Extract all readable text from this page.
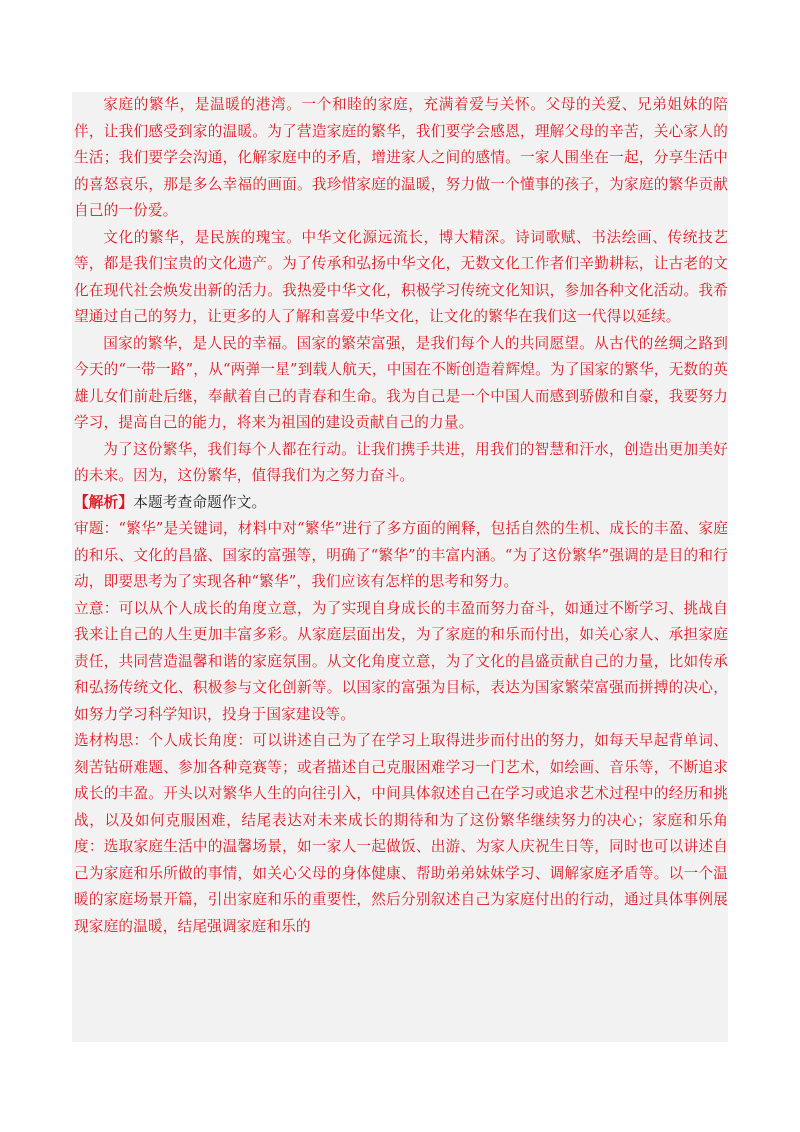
家庭的繁华，是温暖的港湾。一个和睦的家庭，充满着爱与关怀。父母的关爱、兄弟姐妹的陪伴，让我们感受到家的温暖。为了营造家庭的繁华，我们要学会感恩，理解父母的辛苦，关心家人的生活；我们要学会沟通，化解家庭中的矛盾，增进家人之间的感情。一家人围坐在一起，分享生活中的喜怒哀乐，那是多么幸福的画面。我珍惜家庭的温暖，努力做一个懂事的孩子，为家庭的繁华贡献自己的一份爱。

文化的繁华，是民族的瑰宝。中华文化源远流长，博大精深。诗词歌赋、书法绘画、传统技艺等，都是我们宝贵的文化遗产。为了传承和弘扬中华文化，无数文化工作者们辛勤耕耘，让古老的文化在现代社会焕发出新的活力。我热爱中华文化，积极学习传统文化知识，参加各种文化活动。我希望通过自己的努力，让更多的人了解和喜爱中华文化，让文化的繁华在我们这一代得以延续。

国家的繁华，是人民的幸福。国家的繁荣富强，是我们每个人的共同愿望。从古代的丝绸之路到今天的“一带一路”，从“两弹一星”到载人航天，中国在不断创造着辉煌。为了国家的繁华，无数的英雄儿女们前赴后继，奉献着自己的青春和生命。我为自己是一个中国人而感到骄傲和自豪，我要努力学习，提高自己的能力，将来为祖国的建设贡献自己的力量。

为了这份繁华，我们每个人都在行动。让我们携手共进，用我们的智慧和汗水，创造出更加美好的未来。因为，这份繁华，值得我们为之努力奋斗。

【解析】本题考查命题作文。

审题：“繁华”是关键词，材料中对“繁华”进行了多方面的阐释，包括自然的生机、成长的丰盈、家庭的和乐、文化的昌盛、国家的富强等，明确了“繁华”的丰富内涵。“为了这份繁华”强调的是目的和行动，即要思考为了实现各种“繁华”，我们应该有怎样的思考和努力。

立意：可以从个人成长的角度立意，为了实现自身成长的丰盈而努力奋斗，如通过不断学习、挑战自我来让自己的人生更加丰富多彩。从家庭层面出发，为了家庭的和乐而付出，如关心家人、承担家庭责任，共同营造温馨和谐的家庭氛围。从文化角度立意，为了文化的昌盛贡献自己的力量，比如传承和弘扬传统文化、积极参与文化创新等。以国家的富强为目标，表达为国家繁荣富强而拼搏的决心，如努力学习科学知识，投身于国家建设等。

选材构思：个人成长角度：可以讲述自己为了在学习上取得进步而付出的努力，如每天早起背单词、刻苦钻研难题、参加各种竞赛等；或者描述自己克服困难学习一门艺术，如绘画、音乐等，不断追求成长的丰盈。开头以对繁华人生的向往引入，中间具体叙述自己在学习或追求艺术过程中的经历和挑战，以及如何克服困难，结尾表达对未来成长的期待和为了这份繁华继续努力的决心；家庭和乐角度：选取家庭生活中的温馨场景，如一家人一起做饭、出游、为家人庆祝生日等，同时也可以讲述自己为家庭和乐所做的事情，如关心父母的身体健康、帮助弟弟妹妹学习、调解家庭矛盾等。以一个温暖的家庭场景开篇，引出家庭和乐的重要性，然后分别叙述自己为家庭付出的行动，通过具体事例展现家庭的温暖，结尾强调家庭和乐的
